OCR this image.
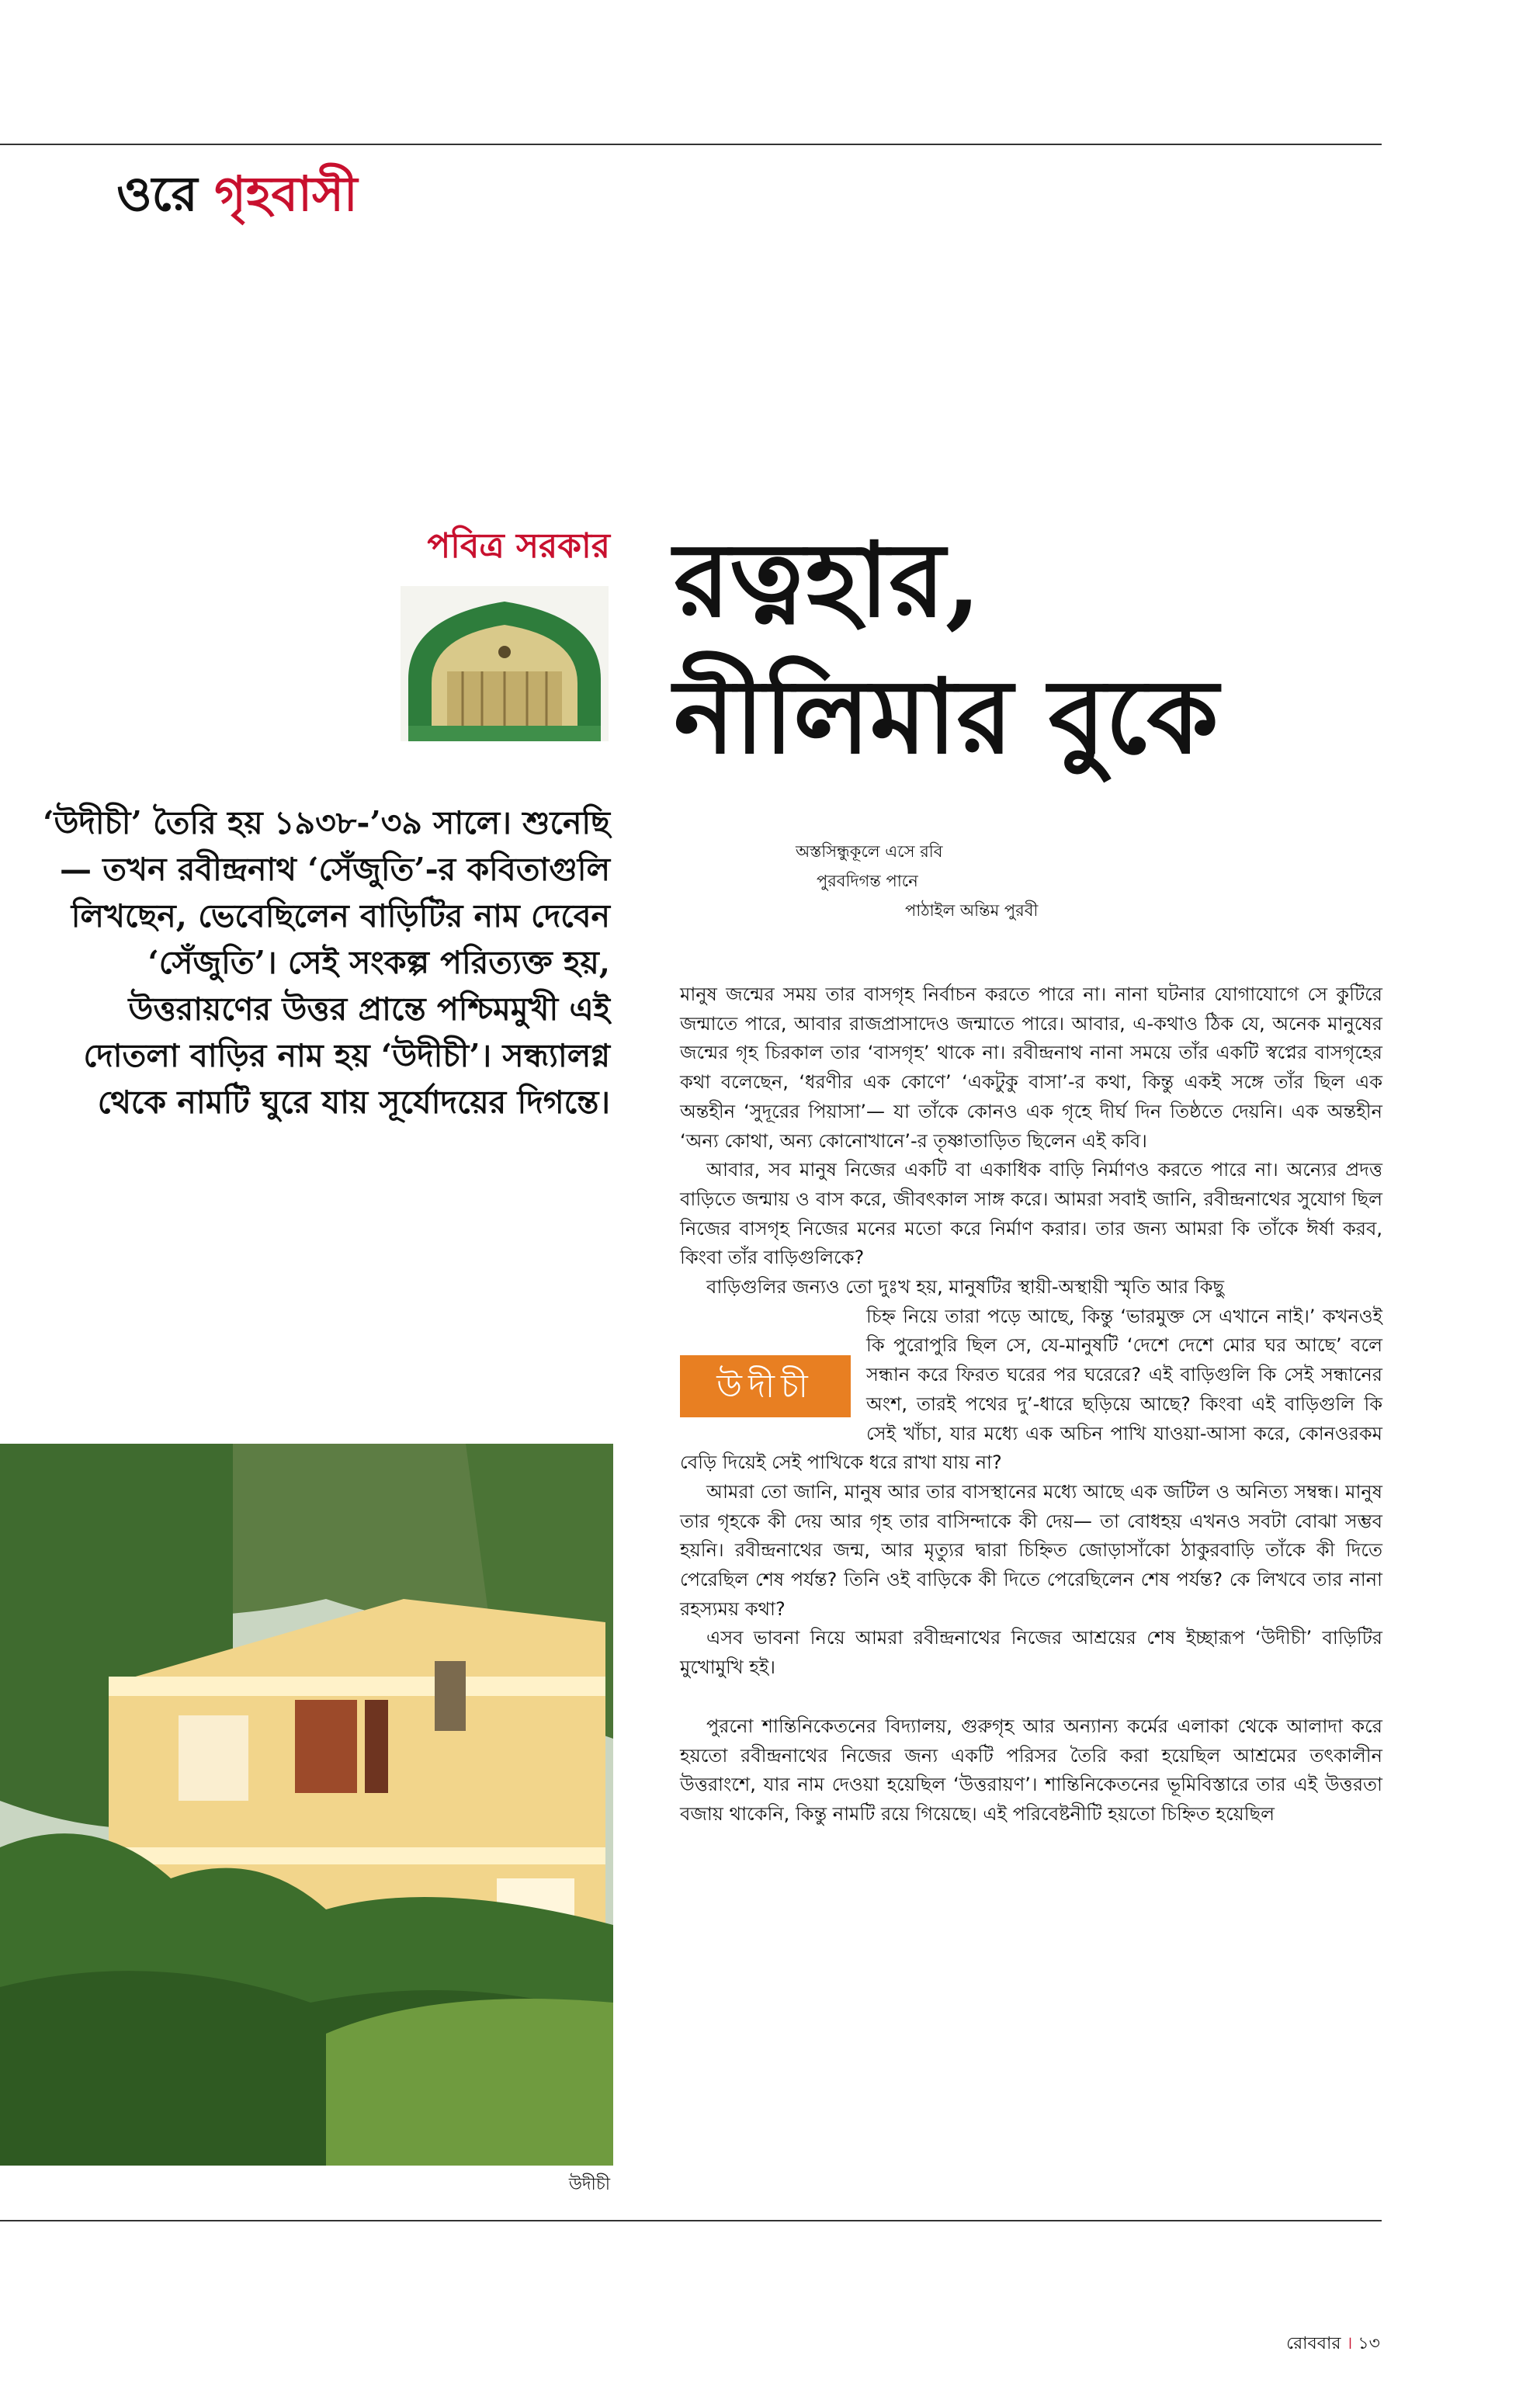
ওরে গৃহবাসী
পবিত্র সরকার রত্নহার,
নীলিমার বুকে
‘উদীচী’ তৈরি হয় ১৯৩৮-’৩৯ সালে। শুনেছি— তখন রবীন্দ্রনাথ ‘সেঁজুতি’-র কবিতাগুলি লিখছেন, ভেবেছিলেন বাড়িটির নাম দেবেন ‘সেঁজুতি’। সেই সংকল্প পরিত্যক্ত হয়, উত্তরায়ণের উত্তর প্রান্তে পশ্চিমমুখী এই দোতলা বাড়ির নাম হয় ‘উদীচী’। সন্ধ্যালগ্ন থেকে নামটি ঘুরে যায় সূর্যোদয়ের দিগন্তে।
অস্তসিন্ধুকূলে এসে রবি
পুরবদিগন্ত পানে
পাঠাইল অন্তিম পুরবী
উদীচী

মানুষ জন্মের সময় তার বাসগৃহ নির্বাচন করতে পারে না। নানা ঘটনার যোগাযোগে সে কুটিরে জন্মাতে পারে, আবার রাজপ্রাসাদেও জন্মাতে পারে। আবার, এ-কথাও ঠিক যে, অনেক মানুষের জন্মের গৃহ চিরকাল তার ‘বাসগৃহ’ থাকে না। রবীন্দ্রনাথ নানা সময়ে তাঁর একটি স্বপ্নের বাসগৃহের কথা বলেছেন, ‘ধরণীর এক কোণে’ ‘একটুকু বাসা’-র কথা, কিন্তু একই সঙ্গে তাঁর ছিল এক অন্তহীন ‘সুদূরের পিয়াসা’— যা তাঁকে কোনও এক গৃহে দীর্ঘ দিন তিষ্ঠতে দেয়নি। এক অন্তহীন ‘অন্য কোথা, অন্য কোনোখানে’-র তৃষ্ণাতাড়িত ছিলেন এই কবি।

আবার, সব মানুষ নিজের একটি বা একাধিক বাড়ি নির্মাণও করতে পারে না। অন্যের প্রদত্ত বাড়িতে জন্মায় ও বাস করে, জীবৎকাল সাঙ্গ করে। আমরা সবাই জানি, রবীন্দ্রনাথের সুযোগ ছিল নিজের বাসগৃহ নিজের মনের মতো করে নির্মাণ করার। তার জন্য আমরা কি তাঁকে ঈর্ষা করব, কিংবা তাঁর বাড়িগুলিকে?

বাড়িগুলির জন্যও তো দুঃখ হয়, মানুষটির স্থায়ী-অস্থায়ী স্মৃতি আর কিছু

উদীচী

চিহ্ন নিয়ে তারা পড়ে আছে, কিন্তু ‘ভারমুক্ত সে এখানে নাই।’ কখনওই কি পুরোপুরি ছিল সে, যে-মানুষটি ‘দেশে দেশে মোর ঘর আছে’ বলে সন্ধান করে ফিরত ঘরের পর ঘরেরে? এই বাড়িগুলি কি সেই সন্ধানের অংশ, তারই পথের দু’-ধারে ছড়িয়ে আছে? কিংবা এই বাড়িগুলি কি সেই খাঁচা, যার মধ্যে এক অচিন পাখি যাওয়া-আসা করে, কোনওরকম বেড়ি দিয়েই সেই পাখিকে ধরে রাখা যায় না?

আমরা তো জানি, মানুষ আর তার বাসস্থানের মধ্যে আছে এক জটিল ও অনিত্য সম্বন্ধ। মানুষ তার গৃহকে কী দেয় আর গৃহ তার বাসিন্দাকে কী দেয়— তা বোধহয় এখনও সবটা বোঝা সম্ভব হয়নি। রবীন্দ্রনাথের জন্ম, আর মৃত্যুর দ্বারা চিহ্নিত জোড়াসাঁকো ঠাকুরবাড়ি তাঁকে কী দিতে পেরেছিল শেষ পর্যন্ত? তিনি ওই বাড়িকে কী দিতে পেরেছিলেন শেষ পর্যন্ত? কে লিখবে তার নানা রহস্যময় কথা?

এসব ভাবনা নিয়ে আমরা রবীন্দ্রনাথের নিজের আশ্রয়ের শেষ ইচ্ছারূপ ‘উদীচী’ বাড়িটির মুখোমুখি হই।

পুরনো শান্তিনিকেতনের বিদ্যালয়, গুরুগৃহ আর অন্যান্য কর্মের এলাকা থেকে আলাদা করে হয়তো রবীন্দ্রনাথের নিজের জন্য একটি পরিসর তৈরি করা হয়েছিল আশ্রমের তৎকালীন উত্তরাংশে, যার নাম দেওয়া হয়েছিল ‘উত্তরায়ণ’। শান্তিনিকেতনের ভূমিবিস্তারে তার এই উত্তরতা বজায় থাকেনি, কিন্তু নামটি রয়ে গিয়েছে। এই পরিবেষ্টনীটি হয়তো চিহ্নিত হয়েছিল

রোববার । ১৩
